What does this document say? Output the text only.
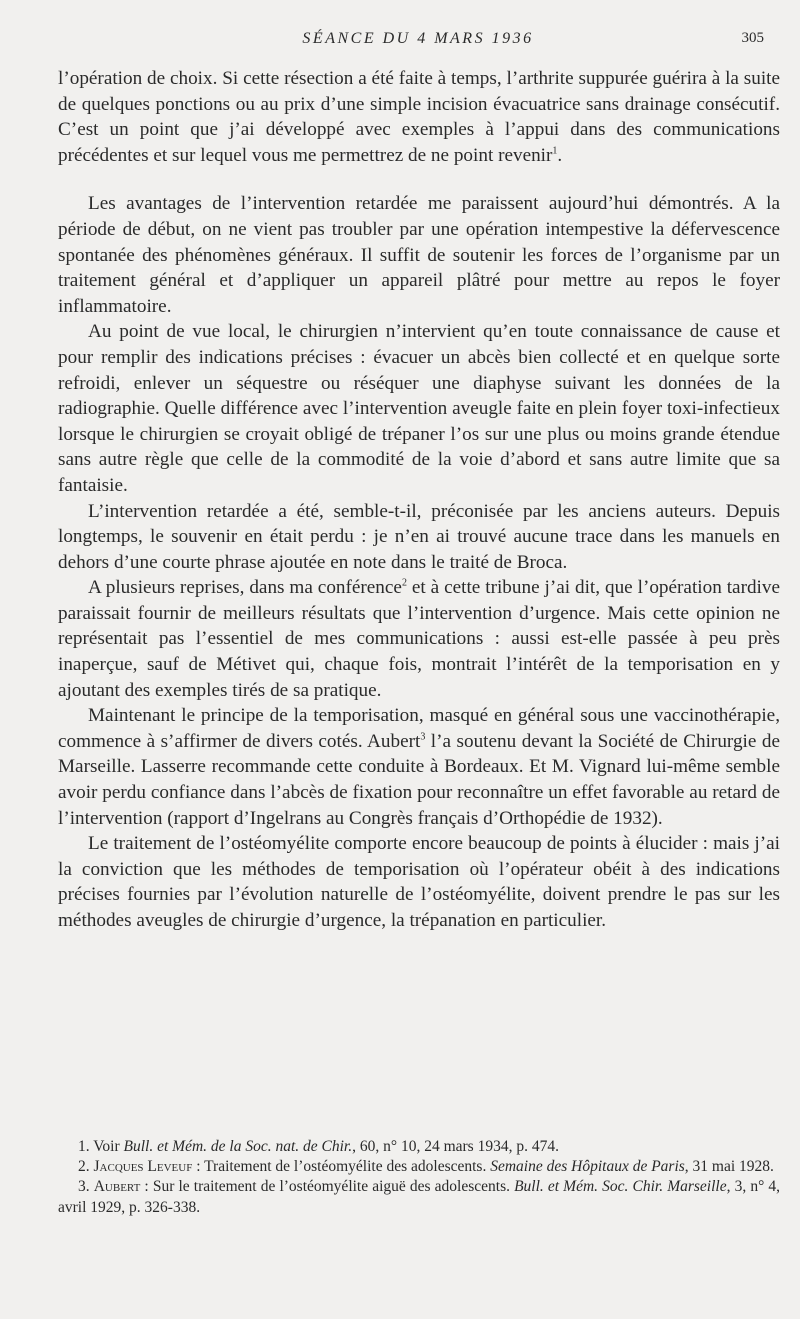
SÉANCE DU 4 MARS 1936	305

l’opération de choix. Si cette résection a été faite à temps, l’arthrite suppurée guérira à la suite de quelques ponctions ou au prix d’une simple incision évacuatrice sans drainage consécutif. C’est un point que j’ai développé avec exemples à l’appui dans des communications précédentes et sur lequel vous me permettrez de ne point revenir$^1$.

Les avantages de l’intervention retardée me paraissent aujourd’hui démontrés. A la période de début, on ne vient pas troubler par une opération intempestive la défervescence spontanée des phénomènes généraux. Il suffit de soutenir les forces de l’organisme par un traitement général et d’appliquer un appareil plâtré pour mettre au repos le foyer inflammatoire.

Au point de vue local, le chirurgien n’intervient qu’en toute connaissance de cause et pour remplir des indications précises : évacuer un abcès bien collecté et en quelque sorte refroidi, enlever un séquestre ou réséquer une diaphyse suivant les données de la radiographie. Quelle différence avec l’intervention aveugle faite en plein foyer toxi-infectieux lorsque le chirurgien se croyait obligé de trépaner l’os sur une plus ou moins grande étendue sans autre règle que celle de la commodité de la voie d’abord et sans autre limite que sa fantaisie.

L’intervention retardée a été, semble-t-il, préconisée par les anciens auteurs. Depuis longtemps, le souvenir en était perdu : je n’en ai trouvé aucune trace dans les manuels en dehors d’une courte phrase ajoutée en note dans le traité de Broca.

A plusieurs reprises, dans ma conférence$^2$ et à cette tribune j’ai dit, que l’opération tardive paraissait fournir de meilleurs résultats que l’intervention d’urgence. Mais cette opinion ne représentait pas l’essentiel de mes communications : aussi est-elle passée à peu près inaperçue, sauf de Métivet qui, chaque fois, montrait l’intérêt de la temporisation en y ajoutant des exemples tirés de sa pratique.

Maintenant le principe de la temporisation, masqué en général sous une vaccinothérapie, commence à s’affirmer de divers cotés. Aubert$^3$ l’a soutenu devant la Société de Chirurgie de Marseille. Lasserre recommande cette conduite à Bordeaux. Et M. Vignard lui-même semble avoir perdu confiance dans l’abcès de fixation pour reconnaître un effet favorable au retard de l’intervention (rapport d’Ingelrans au Congrès français d’Orthopédie de 1932).

Le traitement de l’ostéomyélite comporte encore beaucoup de points à élucider : mais j’ai la conviction que les méthodes de temporisation où l’opérateur obéit à des indications précises fournies par l’évolution naturelle de l’ostéomyélite, doivent prendre le pas sur les méthodes aveugles de chirurgie d’urgence, la trépanation en particulier.

1. Voir Bull. et Mém. de la Soc. nat. de Chir., 60, n° 10, 24 mars 1934, p. 474.

2. Jacques Leveuf : Traitement de l’ostéomyélite des adolescents. Semaine des Hôpitaux de Paris, 31 mai 1928.

3. Aubert : Sur le traitement de l’ostéomyélite aiguë des adolescents. Bull. et Mém. Soc. Chir. Marseille, 3, n° 4, avril 1929, p. 326-338.
